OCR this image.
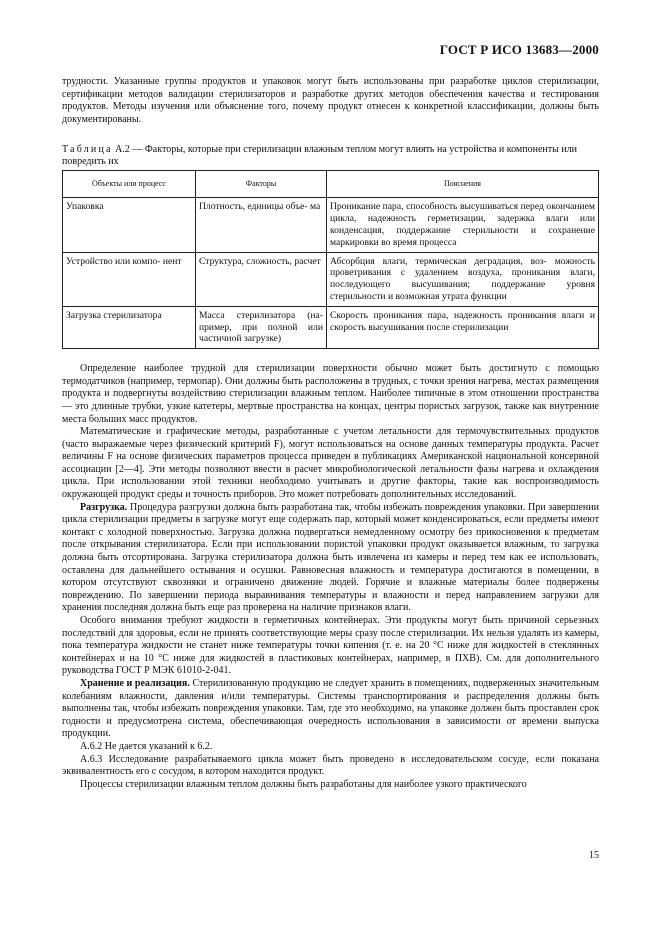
ГОСТ Р ИСО 13683—2000

трудности. Указанные группы продуктов и упаковок могут быть использованы при разработке циклов стерилизации, сертификации методов валидации стерилизаторов и разработке других методов обеспечения качества и тестирования продуктов. Методы изучения или объяснение того, почему продукт отнесен к конкретной классификации, должны быть документированы.

Таблица А.2 — Факторы, которые при стерилизации влажным теплом могут влиять на устройства и компоненты или повредить их
Объекты или процесс	Факторы	Пояснения
Упаковка	Плотность, единицы объе- ма	Проникание пара, способность высушиваться перед окончанием цикла, надежность герметизации, задержка влаги или конденсация, поддержание стерильности и сохранение маркировки во время процесса
Устройство или компо- нент	Структура, сложность, расчет	Абсорбция влаги, термическая деградация, воз- можность проветривания с удалением воздуха, проникания влаги, последующего высушивания; поддержание уровня стерильности и возможная утрата функции
Загрузка стерилизатора	Масса стерилизатора (на- пример, при полной или частичной загрузке)	Скорость проникания пара, надежность проникания влаги и скорость высушивания после стерилизации

Определение наиболее трудной для стерилизации поверхности обычно может быть достигнуто с помощью термодатчиков (например, термопар). Они должны быть расположены в трудных, с точки зрения нагрева, местах размещения продукта и подвергнуты воздействию стерилизации влажным теплом. Наиболее типичные в этом отношении пространства — это длинные трубки, узкие катетеры, мертвые пространства на концах, центры пористых загрузок, также как внутренние места больших масс продуктов.

Математические и графические методы, разработанные с учетом летальности для термочувствительных продуктов (часто выражаемые через физический критерий F), могут использоваться на основе данных температуры продукта. Расчет величины F на основе физических параметров процесса приведен в публикациях Американской национальной консервной ассоциации [2—4]. Эти методы позволяют ввести в расчет микробиологической летальности фазы нагрева и охлаждения цикла. При использовании этой техники необходимо учитывать и другие факторы, такие как воспроизводимость окружающей продукт среды и точность приборов. Это может потребовать дополнительных исследований.

Разгрузка. Процедура разгрузки должна быть разработана так, чтобы избежать повреждения упаковки. При завершении цикла стерилизации предметы в загрузке могут еще содержать пар, который может конденсироваться, если предметы имеют контакт с холодной поверхностью. Загрузка должна подвергаться немедленному осмотру без прикосновения к предметам после открывания стерилизатора. Если при использовании пористой упаковки продукт оказывается влажным, то загрузка должна быть отсортирована. Загрузка стерилизатора должна быть извлечена из камеры и перед тем как ее использовать, оставлена для дальнейшего остывания и осушки. Равновесная влажность и температура достигаются в помещении, в котором отсутствуют сквозняки и ограничено движение людей. Горячие и влажные материалы более подвержены повреждению. По завершении периода выравнивания температуры и влажности и перед направлением загрузки для хранения последняя должна быть еще раз проверена на наличие признаков влаги.

Особого внимания требуют жидкости в герметичных контейнерах. Эти продукты могут быть причиной серьезных последствий для здоровья, если не принять соответствующие меры сразу после стерилизации. Их нельзя удалять из камеры, пока температура жидкости не станет ниже температуры точки кипения (т. е. на 20 °С ниже для жидкостей в стеклянных контейнерах и на 10 °С ниже для жидкостей в пластиковых контейнерах, например, в ПХВ). См. для дополнительного руководства ГОСТ Р МЭК 61010-2-041.

Хранение и реализация. Стерилизованную продукцию не следует хранить в помещениях, подверженных значительным колебаниям влажности, давления и/или температуры. Системы транспортирования и распределения должны быть выполнены так, чтобы избежать повреждения упаковки. Там, где это необходимо, на упаковке должен быть проставлен срок годности и предусмотрена система, обеспечивающая очередность использования в зависимости от времени выпуска продукции.

А.6.2 Не дается указаний к 6.2.

А.6.3 Исследование разрабатываемого цикла может быть проведено в исследовательском сосуде, если показана эквивалентность его с сосудом, в котором находится продукт.

Процессы стерилизации влажным теплом должны быть разработаны для наиболее узкого практического

15
